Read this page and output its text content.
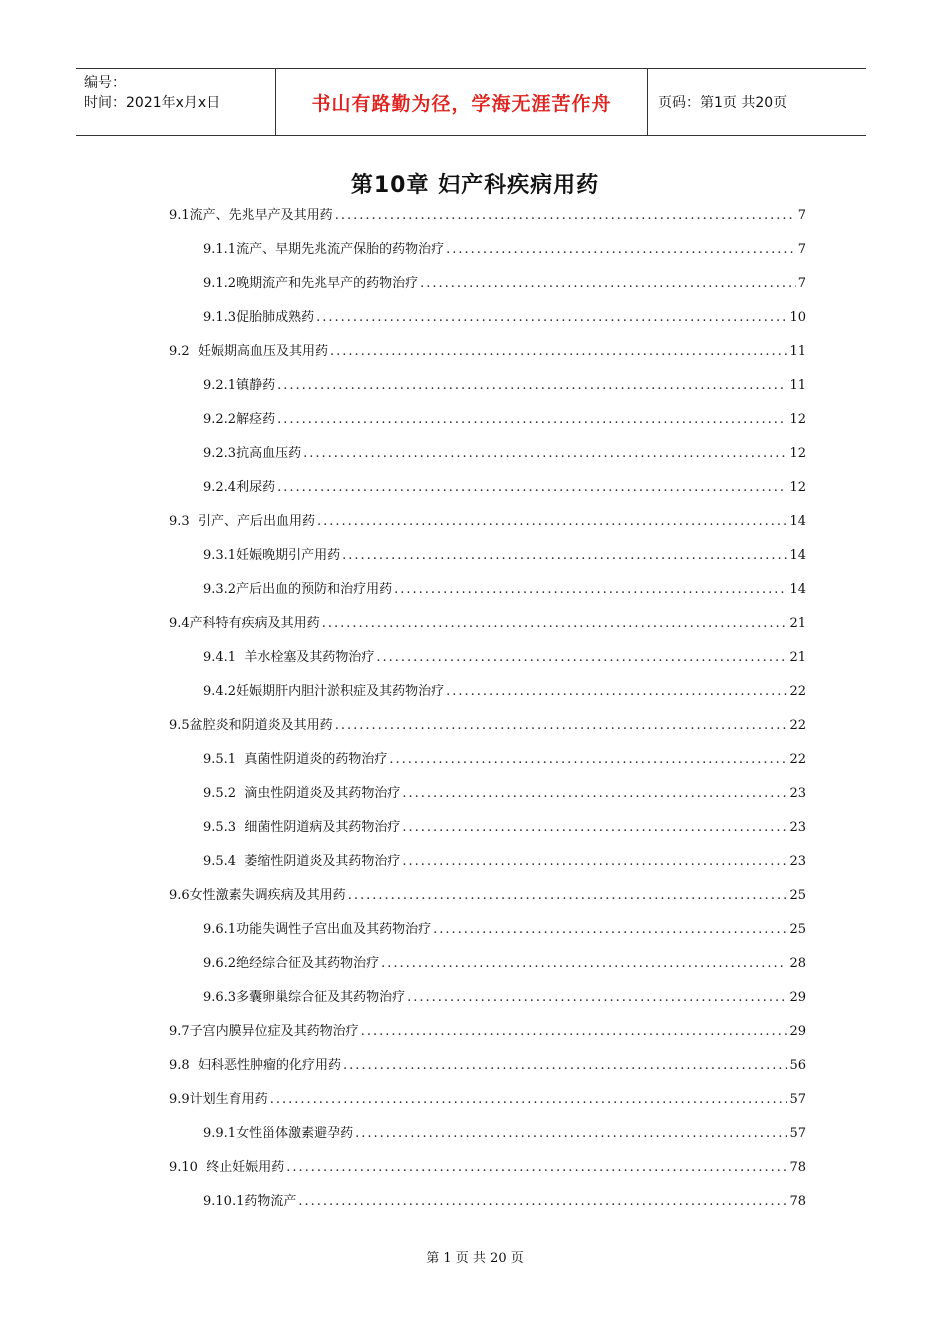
编号：
时间：2021年x月x日	书山有路勤为径，学海无涯苦作舟	页码：第1页 共20页
第10章 妇产科疾病用药
9.1流产、先兆早产及其用药 .....	7
9.1.1流产、早期先兆流产保胎的药物治疗 .....	7
9.1.2晚期流产和先兆早产的药物治疗 .....	7
9.1.3促胎肺成熟药 .....	10
9.2  妊娠期高血压及其用药 .....	11
9.2.1镇静药 .....	11
9.2.2解痉药 .....	12
9.2.3抗高血压药 .....	12
9.2.4利尿药 .....	12
9.3  引产、产后出血用药 .....	14
9.3.1妊娠晚期引产用药 .....	14
9.3.2产后出血的预防和治疗用药 .....	14
9.4产科特有疾病及其用药 .....	21
9.4.1  羊水栓塞及其药物治疗 .....	21
9.4.2妊娠期肝内胆汁淤积症及其药物治疗 .....	22
9.5盆腔炎和阴道炎及其用药 .....	22
9.5.1  真菌性阴道炎的药物治疗 .....	22
9.5.2  滴虫性阴道炎及其药物治疗 .....	23
9.5.3  细菌性阴道病及其药物治疗 .....	23
9.5.4  萎缩性阴道炎及其药物治疗 .....	23
9.6女性激素失调疾病及其用药 .....	25
9.6.1功能失调性子宫出血及其药物治疗 .....	25
9.6.2绝经综合征及其药物治疗 .....	28
9.6.3多囊卵巢综合征及其药物治疗 .....	29
9.7子宫内膜异位症及其药物治疗 .....	29
9.8  妇科恶性肿瘤的化疗用药 .....	56
9.9计划生育用药 .....	57
9.9.1女性甾体激素避孕药 .....	57
9.10  终止妊娠用药 .....	78
9.10.1药物流产 .....	78
第 1 页 共 20 页
